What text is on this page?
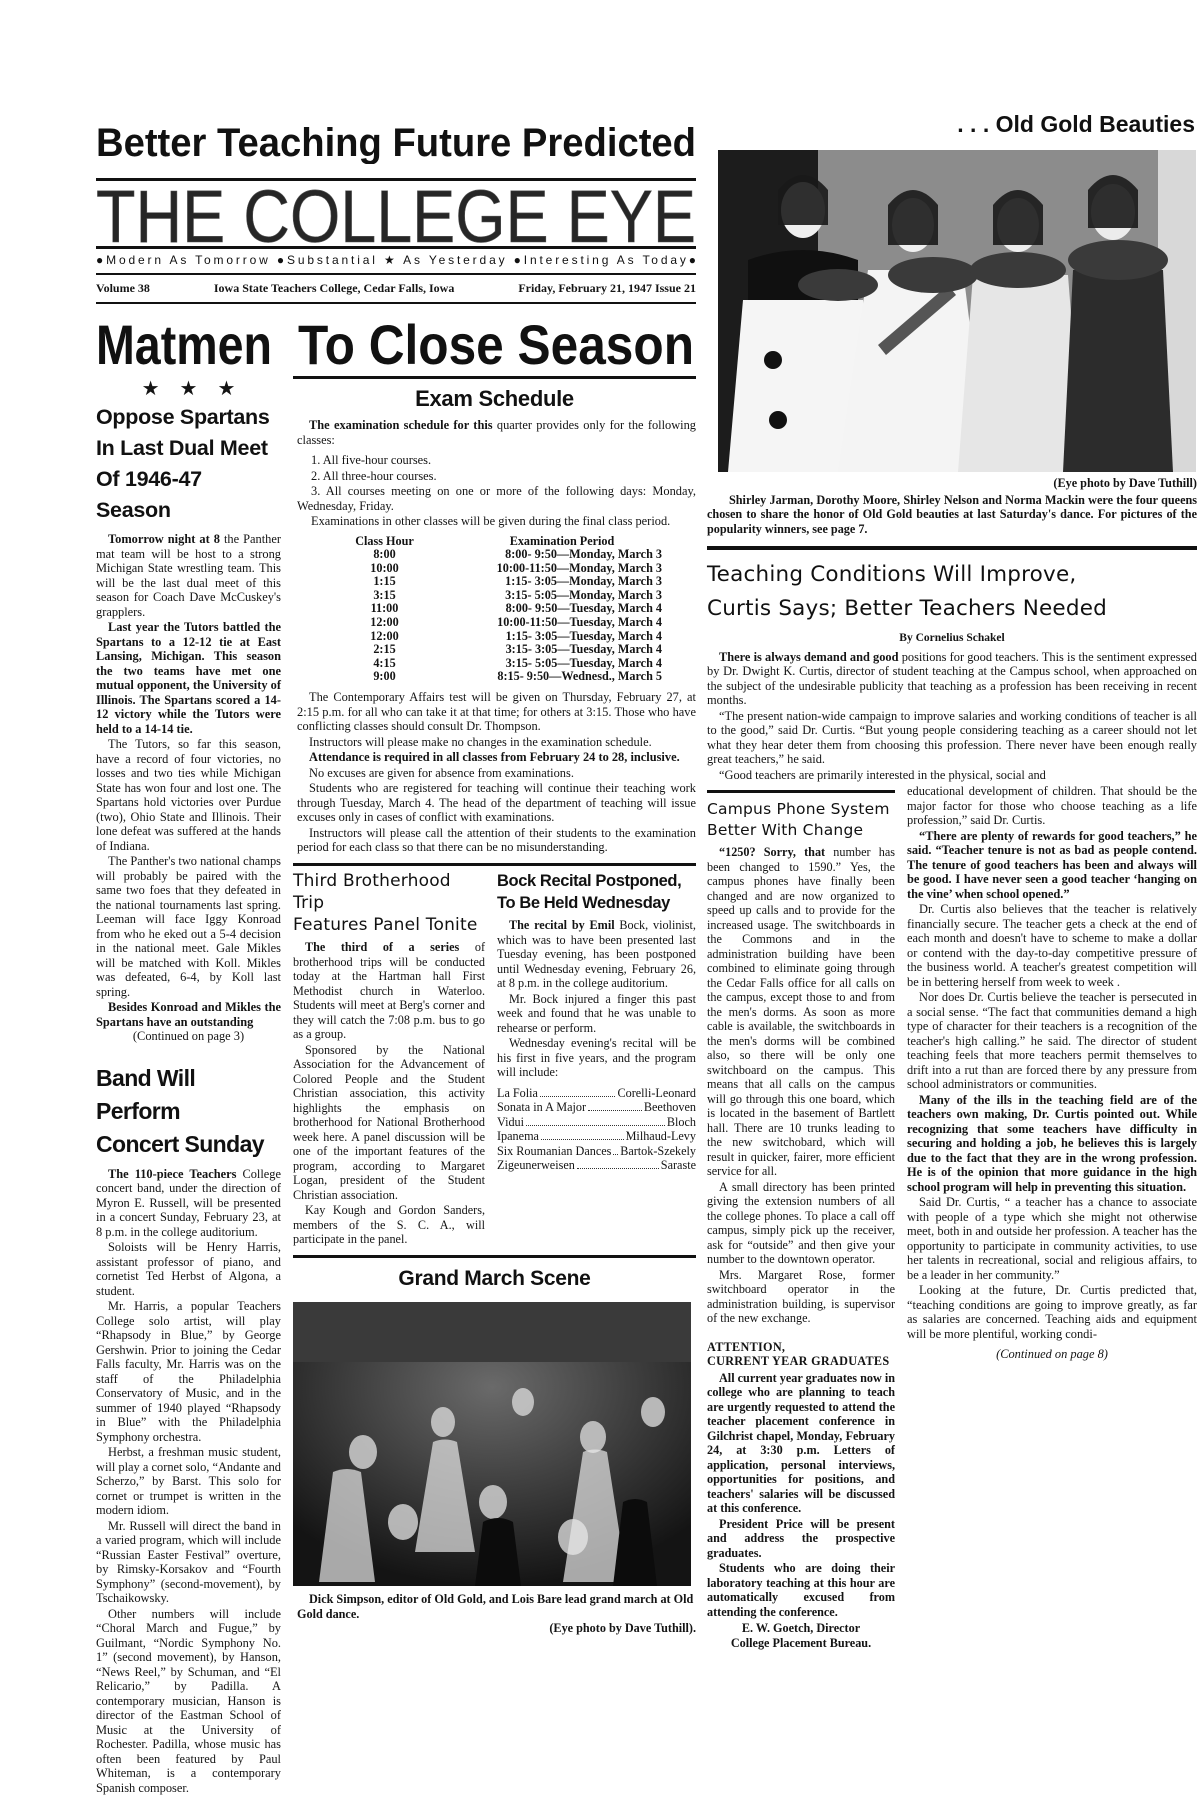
Better Teaching Future Predicted
THE COLLEGE EYE
●Modern As Tomorrow ●Substantial ★ As Yesterday ●Interesting As Today●
Volume 38	Iowa State Teachers College, Cedar Falls, Iowa	Friday, February 21, 1947 Issue 21
Matmen To Close Season
★    ★    ★
Oppose Spartans
In Last Dual Meet
Of 1946-47 Season

Tomorrow night at 8 the Panther mat team will be host to a strong Michigan State wrestling team. This will be the last dual meet of this season for Coach Dave McCuskey's grapplers.

Last year the Tutors battled the Spartans to a 12-12 tie at East Lansing, Michigan. This season the two teams have met one mutual opponent, the University of Illinois. The Spartans scored a 14-12 victory while the Tutors were held to a 14-14 tie.

The Tutors, so far this season, have a record of four victories, no losses and two ties while Michigan State has won four and lost one. The Spartans hold victories over Purdue (two), Ohio State and Illinois. Their lone defeat was suffered at the hands of Indiana.

The Panther's two national champs will probably be paired with the same two foes that they defeated in the national tournaments last spring. Leeman will face Iggy Konroad from who he eked out a 5-4 decision in the national meet. Gale Mikles will be matched with Koll. Mikles was defeated, 6-4, by Koll last spring.

Besides Konroad and Mikles the Spartans have an outstanding

(Continued on page 3)
Band Will Perform
Concert Sunday

The 110-piece Teachers College concert band, under the direction of Myron E. Russell, will be presented in a concert Sunday, February 23, at 8 p.m. in the college auditorium.

Soloists will be Henry Harris, assistant professor of piano, and cornetist Ted Herbst of Algona, a student.

Mr. Harris, a popular Teachers College solo artist, will play “Rhapsody in Blue,” by George Gershwin. Prior to joining the Cedar Falls faculty, Mr. Harris was on the staff of the Philadelphia Conservatory of Music, and in the summer of 1940 played “Rhapsody in Blue” with the Philadelphia Symphony orchestra.

Herbst, a freshman music student, will play a cornet solo, “Andante and Scherzo,” by Barst. This solo for cornet or trumpet is written in the modern idiom.

Mr. Russell will direct the band in a varied program, which will include “Russian Easter Festival” overture, by Rimsky-Korsakov and “Fourth Symphony” (second-movement), by Tschaikowsky.

Other numbers will include “Choral March and Fugue,” by Guilmant, “Nordic Symphony No. 1” (second movement), by Hanson, “News Reel,” by Schuman, and “El Relicario,” by Padilla. A contemporary musician, Hanson is director of the Eastman School of Music at the University of Rochester. Padilla, whose music has often been featured by Paul Whiteman, is a contemporary Spanish composer.

Exam Schedule

The examination schedule for this quarter provides only for the following classes:

1. All five-hour courses.

2. All three-hour courses.

3. All courses meeting on one or more of the following days: Monday, Wednesday, Friday.

Examinations in other classes will be given during the final class period.

Class Hour	Examination Period
8:00	8:00- 9:50—Monday, March 3
10:00	10:00-11:50—Monday, March 3
1:15	1:15- 3:05—Monday, March 3
3:15	3:15- 5:05—Monday, March 3
11:00	8:00- 9:50—Tuesday, March 4
12:00	10:00-11:50—Tuesday, March 4
12:00	1:15- 3:05—Tuesday, March 4
2:15	3:15- 3:05—Tuesday, March 4
4:15	3:15- 5:05—Tuesday, March 4
9:00	8:15- 9:50—Wednesd., March 5

The Contemporary Affairs test will be given on Thursday, February 27, at 2:15 p.m. for all who can take it at that time; for others at 3:15. Those who have conflicting classes should consult Dr. Thompson.

Instructors will please make no changes in the examination schedule.

Attendance is required in all classes from February 24 to 28, inclusive.

No excuses are given for absence from examinations.

Students who are registered for teaching will continue their teaching work through Tuesday, March 4. The head of the department of teaching will issue excuses only in cases of conflict with examinations.

Instructors will please call the attention of their students to the examination period for each class so that there can be no misunderstanding.

Third Brotherhood Trip
Features Panel Tonite

The third of a series of brotherhood trips will be conducted today at the Hartman hall First Methodist church in Waterloo. Students will meet at Berg's corner and they will catch the 7:08 p.m. bus to go as a group.

Sponsored by the National Association for the Advancement of Colored People and the Student Christian association, this activity highlights the emphasis on brotherhood for National Brotherhood week here. A panel discussion will be one of the important features of the program, according to Margaret Logan, president of the Student Christian association.

Kay Kough and Gordon Sanders, members of the S. C. A., will participate in the panel.

Bock Recital Postponed,
To Be Held Wednesday

The recital by Emil Bock, violinist, which was to have been presented last Tuesday evening, has been postponed until Wednesday evening, February 26, at 8 p.m. in the college auditorium.

Mr. Bock injured a finger this past week and found that he was unable to rehearse or perform.

Wednesday evening's recital will be his first in five years, and the program will include:

La Folia	Corelli-Leonard
Sonata in A Major	Beethoven
Vidui	Bloch
Ipanema	Milhaud-Levy
Six Roumanian Dances Bartok-Szekely
Zigeunerweisen	Saraste
Grand March Scene
Dick Simpson, editor of Old Gold, and Lois Bare lead grand march at Old Gold dance.
(Eye photo by Dave Tuthill).
. . . Old Gold Beauties
(Eye photo by Dave Tuthill)
Shirley Jarman, Dorothy Moore, Shirley Nelson and Norma Mackin were the four queens chosen to share the honor of Old Gold beauties at last Saturday's dance. For pictures of the popularity winners, see page 7.
Teaching Conditions Will Improve,
Curtis Says; Better Teachers Needed
By Cornelius Schakel

There is always demand and good positions for good teachers. This is the sentiment expressed by Dr. Dwight K. Curtis, director of student teaching at the Campus school, when approached on the subject of the undesirable publicity that teaching as a profession has been receiving in recent months.

“The present nation-wide campaign to improve salaries and working conditions of teacher is all to the good,” said Dr. Curtis. “But young people considering teaching as a career should not let what they hear deter them from choosing this profession. There never have been enough really great teachers,” he said.

“Good teachers are primarily interested in the physical, social and

Campus Phone System
Better With Change

“1250? Sorry, that number has been changed to 1590.” Yes, the campus phones have finally been changed and are now organized to speed up calls and to provide for the increased usage. The switchboards in the Commons and in the administration building have been combined to eliminate going through the Cedar Falls office for all calls on the campus, except those to and from the men's dorms. As soon as more cable is available, the switchboards in the men's dorms will be combined also, so there will be only one switchboard on the campus. This means that all calls on the campus will go through this one board, which is located in the basement of Bartlett hall. There are 10 trunks leading to the new switchobard, which will result in quicker, fairer, more efficient service for all.

A small directory has been printed giving the extension numbers of all the college phones. To place a call off campus, simply pick up the receiver, ask for “outside” and then give your number to the downtown operator.

Mrs. Margaret Rose, former switchboard operator in the administration building, is supervisor of the new exchange.

ATTENTION,
CURRENT YEAR GRADUATES

All current year graduates now in college who are planning to teach are urgently requested to attend the teacher placement conference in Gilchrist chapel, Monday, February 24, at 3:30 p.m. Letters of application, personal interviews, opportunities for positions, and teachers' salaries will be discussed at this conference.

President Price will be present and address the prospective graduates.

Students who are doing their laboratory teaching at this hour are automatically excused from attending the conference.

E. W. Goetch, Director
College Placement Bureau.

educational development of children. That should be the major factor for those who choose teaching as a life profession,” said Dr. Curtis.

“There are plenty of rewards for good teachers,” he said. “Teacher tenure is not as bad as people contend. The tenure of good teachers has been and always will be good. I have never seen a good teacher ‘hanging on the vine’ when school opened.”

Dr. Curtis also believes that the teacher is relatively financially secure. The teacher gets a check at the end of each month and doesn't have to scheme to make a dollar or contend with the day-to-day competitive pressure of the business world. A teacher's greatest competition will be in bettering herself from week to week .

Nor does Dr. Curtis believe the teacher is persecuted in a social sense. “The fact that communities demand a high type of character for their teachers is a recognition of the teacher's high calling.” he said. The director of student teaching feels that more teachers permit themselves to drift into a rut than are forced there by any pressure from school administrators or communities.

Many of the ills in the teaching field are of the teachers own making, Dr. Curtis pointed out. While recognizing that some teachers have difficulty in securing and holding a job, he believes this is largely due to the fact that they are in the wrong profession. He is of the opinion that more guidance in the high school program will help in preventing this situation.

Said Dr. Curtis, “ a teacher has a chance to associate with people of a type which she might not otherwise meet, both in and outside her profession. A teacher has the opportunity to participate in community activities, to use her talents in recreational, social and religious affairs, to be a leader in her community.”

Looking at the future, Dr. Curtis predicted that, “teaching conditions are going to improve greatly, as far as salaries are concerned. Teaching aids and equipment will be more plentiful, working condi-

(Continued on page 8)
